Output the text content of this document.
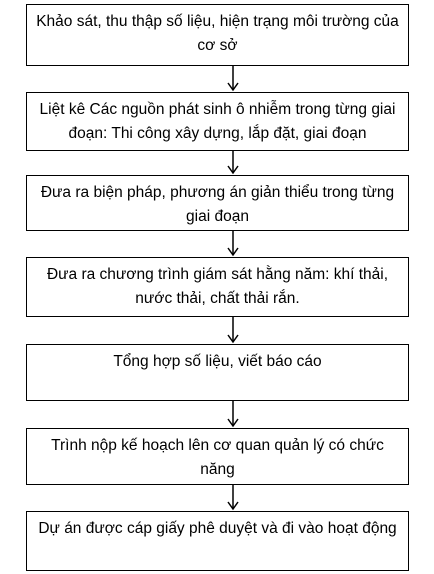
Khảo sát, thu thập số liệu, hiện trạng môi trường của cơ sở
Liệt kê Các nguồn phát sinh ô nhiễm trong từng giai đoạn: Thi công xây dựng, lắp đặt, giai đoạn
Đưa ra biện pháp, phương án giản thiểu trong từng giai đoạn
Đưa ra chương trình giám sát hằng năm: khí thải, nước thải, chất thải rắn.
Tổng hợp số liệu, viết báo cáo
Trình nộp kế hoạch lên cơ quan quản lý có chức năng
Dự án được cáp giấy phê duyệt và đi vào hoạt động
